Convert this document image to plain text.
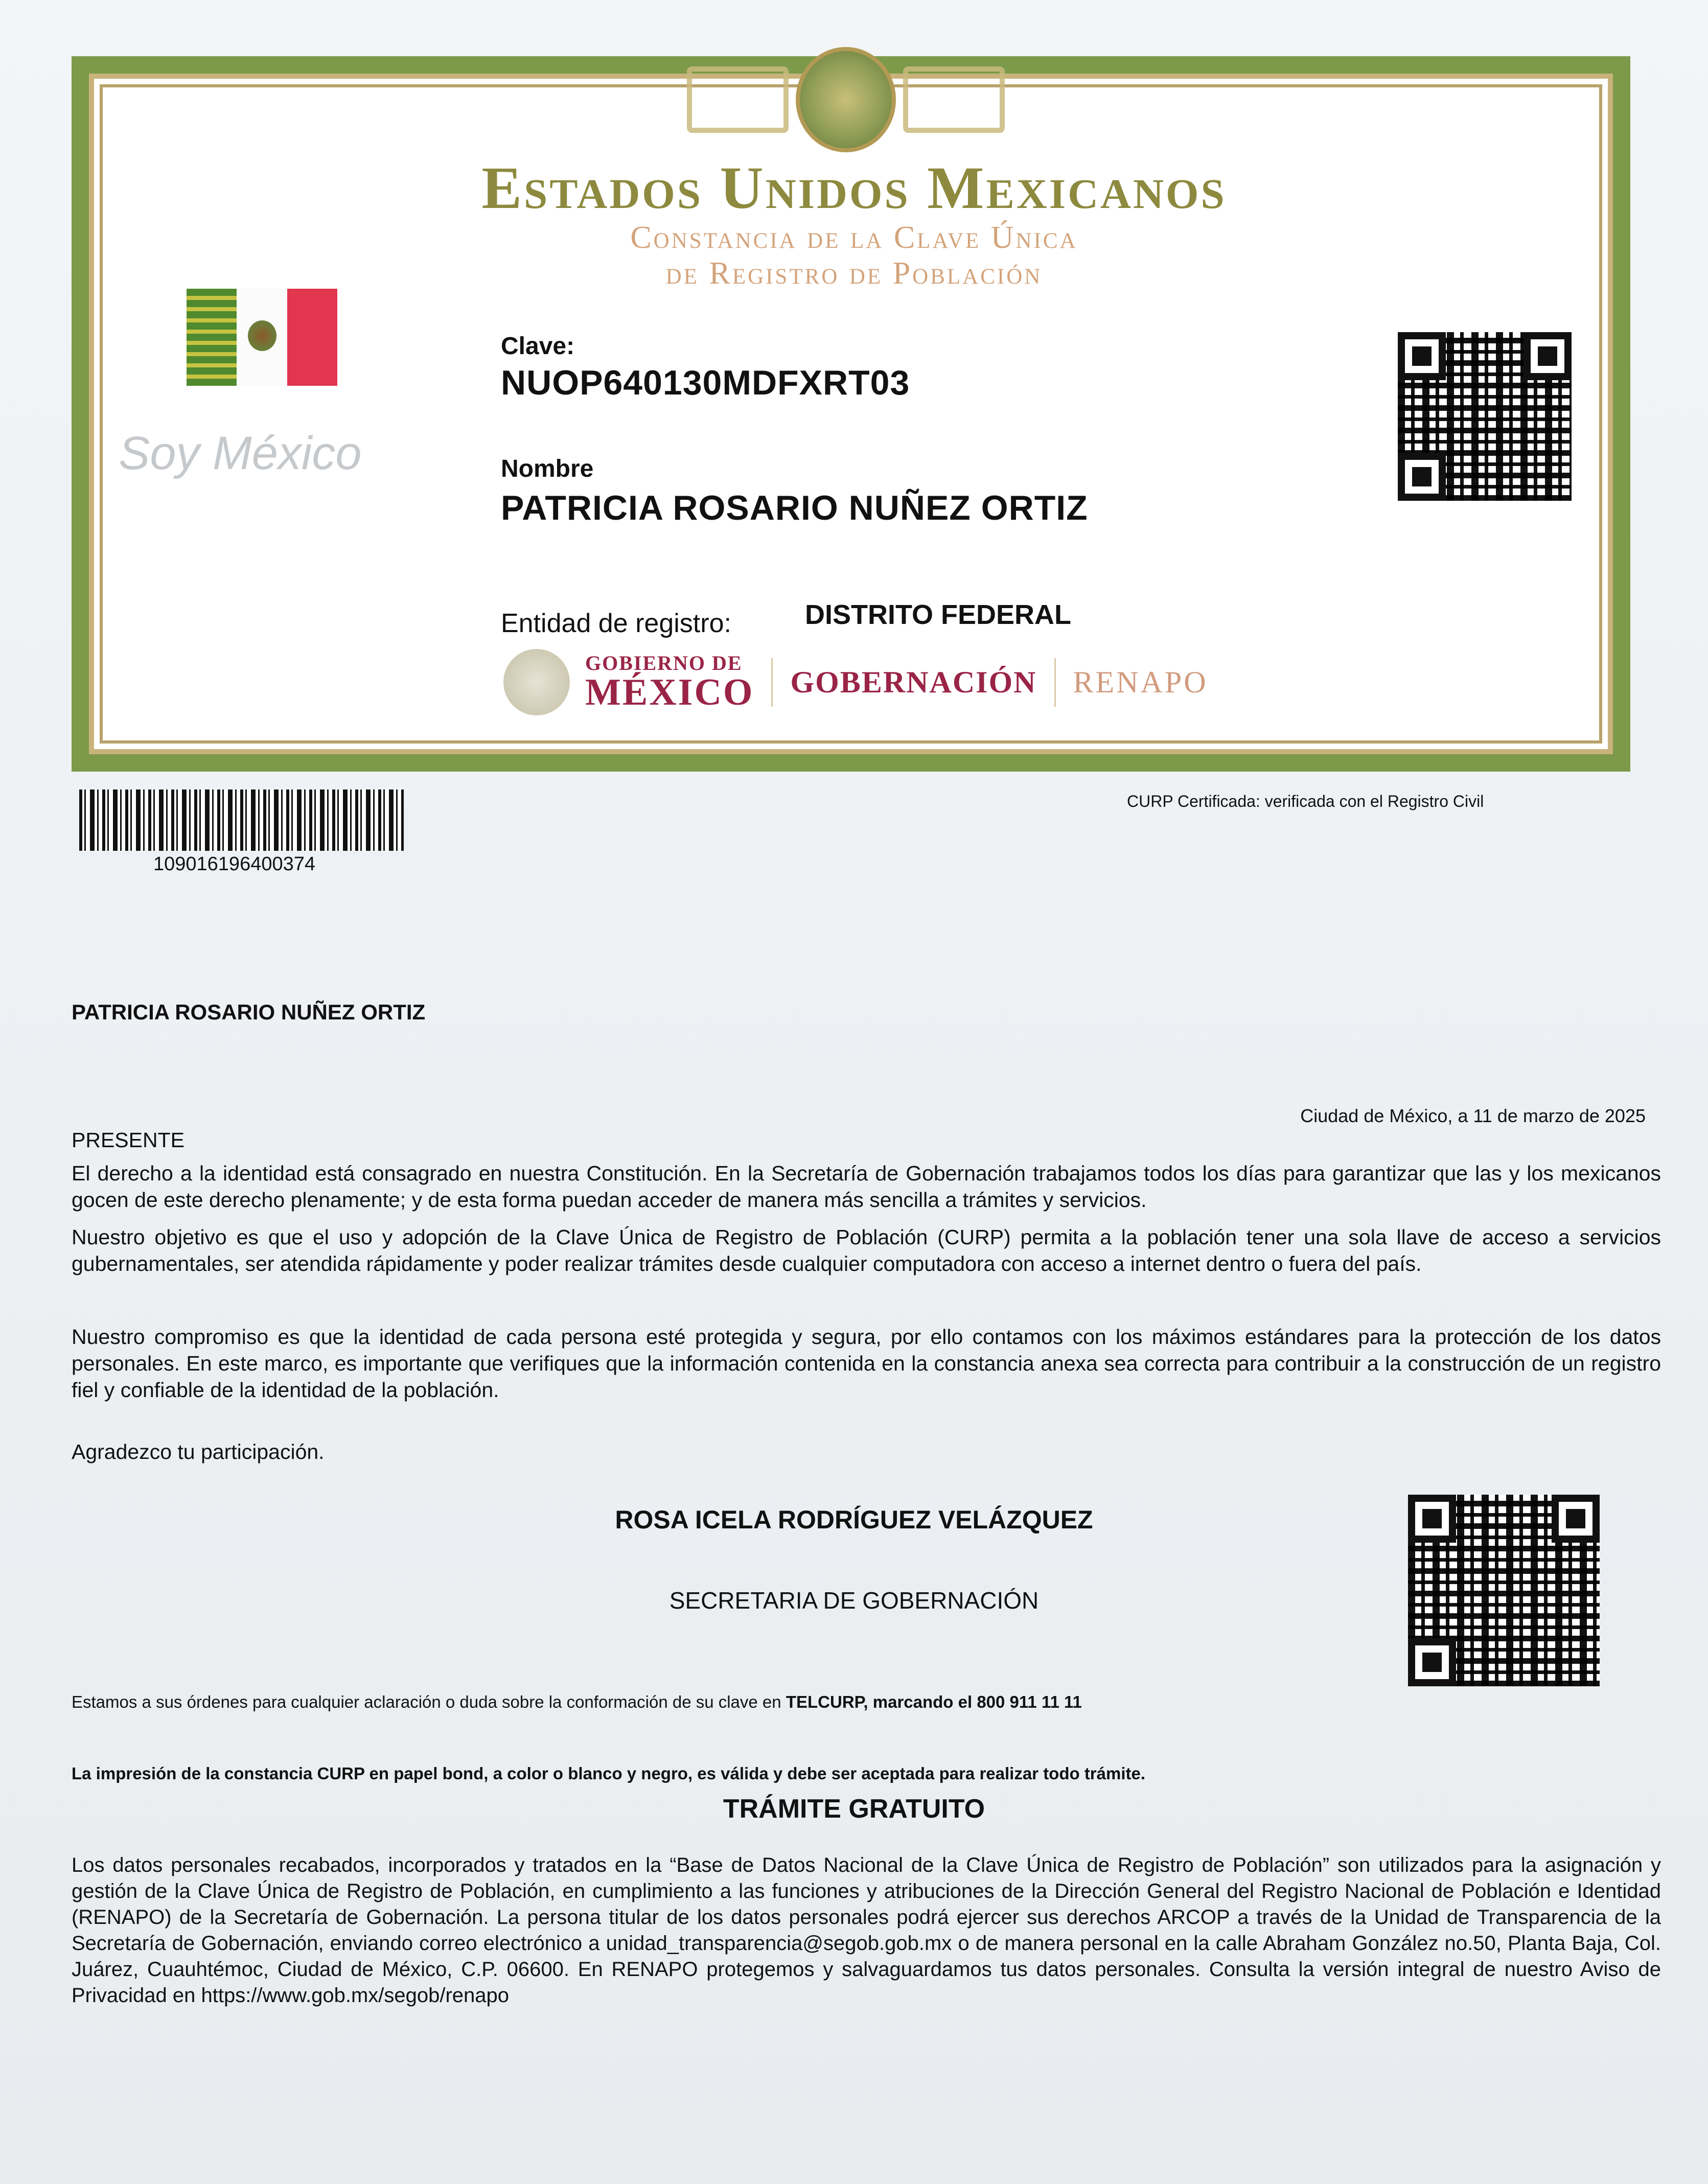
Estados Unidos Mexicanos
Constancia de la Clave Única
de Registro de Población
Soy México
Clave:
NUOP640130MDFXRT03
Nombre
PATRICIA ROSARIO NUÑEZ ORTIZ
Entidad de registro:	DISTRITO FEDERAL
GOBIERNO DE
MÉXICO GOBERNACIÓN RENAPO
109016196400374
CURP Certificada: verificada con el Registro Civil
PATRICIA ROSARIO NUÑEZ ORTIZ
PRESENTE
Ciudad de México, a 11 de marzo de 2025
El derecho a la identidad está consagrado en nuestra Constitución. En la Secretaría de Gobernación trabajamos todos los días para garantizar que las y los mexicanos gocen de este derecho plenamente; y de esta forma puedan acceder de manera más sencilla a trámites y servicios.
Nuestro objetivo es que el uso y adopción de la Clave Única de Registro de Población (CURP) permita a la población tener una sola llave de acceso a servicios gubernamentales, ser atendida rápidamente y poder realizar trámites desde cualquier computadora con acceso a internet dentro o fuera del país.
Nuestro compromiso es que la identidad de cada persona esté protegida y segura, por ello contamos con los máximos estándares para la protección de los datos personales. En este marco, es importante que verifiques que la información contenida en la constancia anexa sea correcta para contribuir a la construcción de un registro fiel y confiable de la identidad de la población.
Agradezco tu participación.
ROSA ICELA RODRÍGUEZ VELÁZQUEZ
SECRETARIA DE GOBERNACIÓN
Estamos a sus órdenes para cualquier aclaración o duda sobre la conformación de su clave en TELCURP, marcando el 800 911 11 11
La impresión de la constancia CURP en papel bond, a color o blanco y negro, es válida y debe ser aceptada para realizar todo trámite.
TRÁMITE GRATUITO
Los datos personales recabados, incorporados y tratados en la “Base de Datos Nacional de la Clave Única de Registro de Población” son utilizados para la asignación y gestión de la Clave Única de Registro de Población, en cumplimiento a las funciones y atribuciones de la Dirección General del Registro Nacional de Población e Identidad (RENAPO) de la Secretaría de Gobernación. La persona titular de los datos personales podrá ejercer sus derechos ARCOP a través de la Unidad de Transparencia de la Secretaría de Gobernación, enviando correo electrónico a unidad_transparencia@segob.gob.mx o de manera personal en la calle Abraham González no.50, Planta Baja, Col. Juárez, Cuauhtémoc, Ciudad de México, C.P. 06600. En RENAPO protegemos y salvaguardamos tus datos personales. Consulta la versión integral de nuestro Aviso de Privacidad en https://www.gob.mx/segob/renapo
